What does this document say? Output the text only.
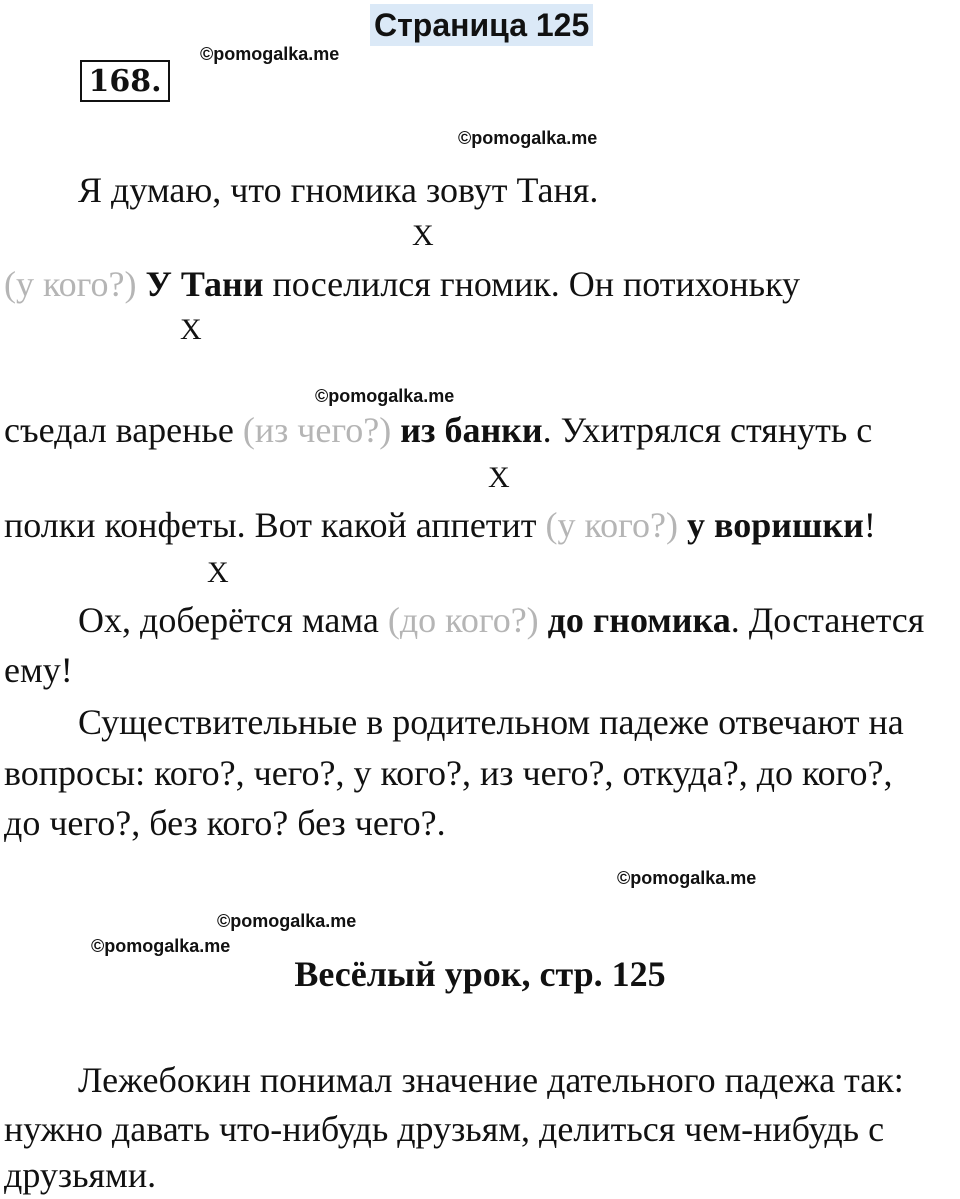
Страница 125
168.
©pomogalka.me
©pomogalka.me
Я думаю, что гномика зовут Таня.
X
(у кого?) У Тани поселился гномик. Он потихоньку
X
©pomogalka.me
съедал варенье (из чего?) из банки. Ухитрялся стянуть с
X
полки конфеты. Вот какой аппетит (у кого?) у воришки!
X
Ох, доберётся мама (до кого?) до гномика. Достанется
ему!
Существительные в родительном падеже отвечают на
вопросы: кого?, чего?, у кого?, из чего?, откуда?, до кого?,
до чего?, без кого? без чего?.
©pomogalka.me
©pomogalka.me
©pomogalka.me
Весёлый урок, стр. 125
Лежебокин понимал значение дательного падежа так:
нужно давать что-нибудь друзьям, делиться чем-нибудь с
друзьями.
